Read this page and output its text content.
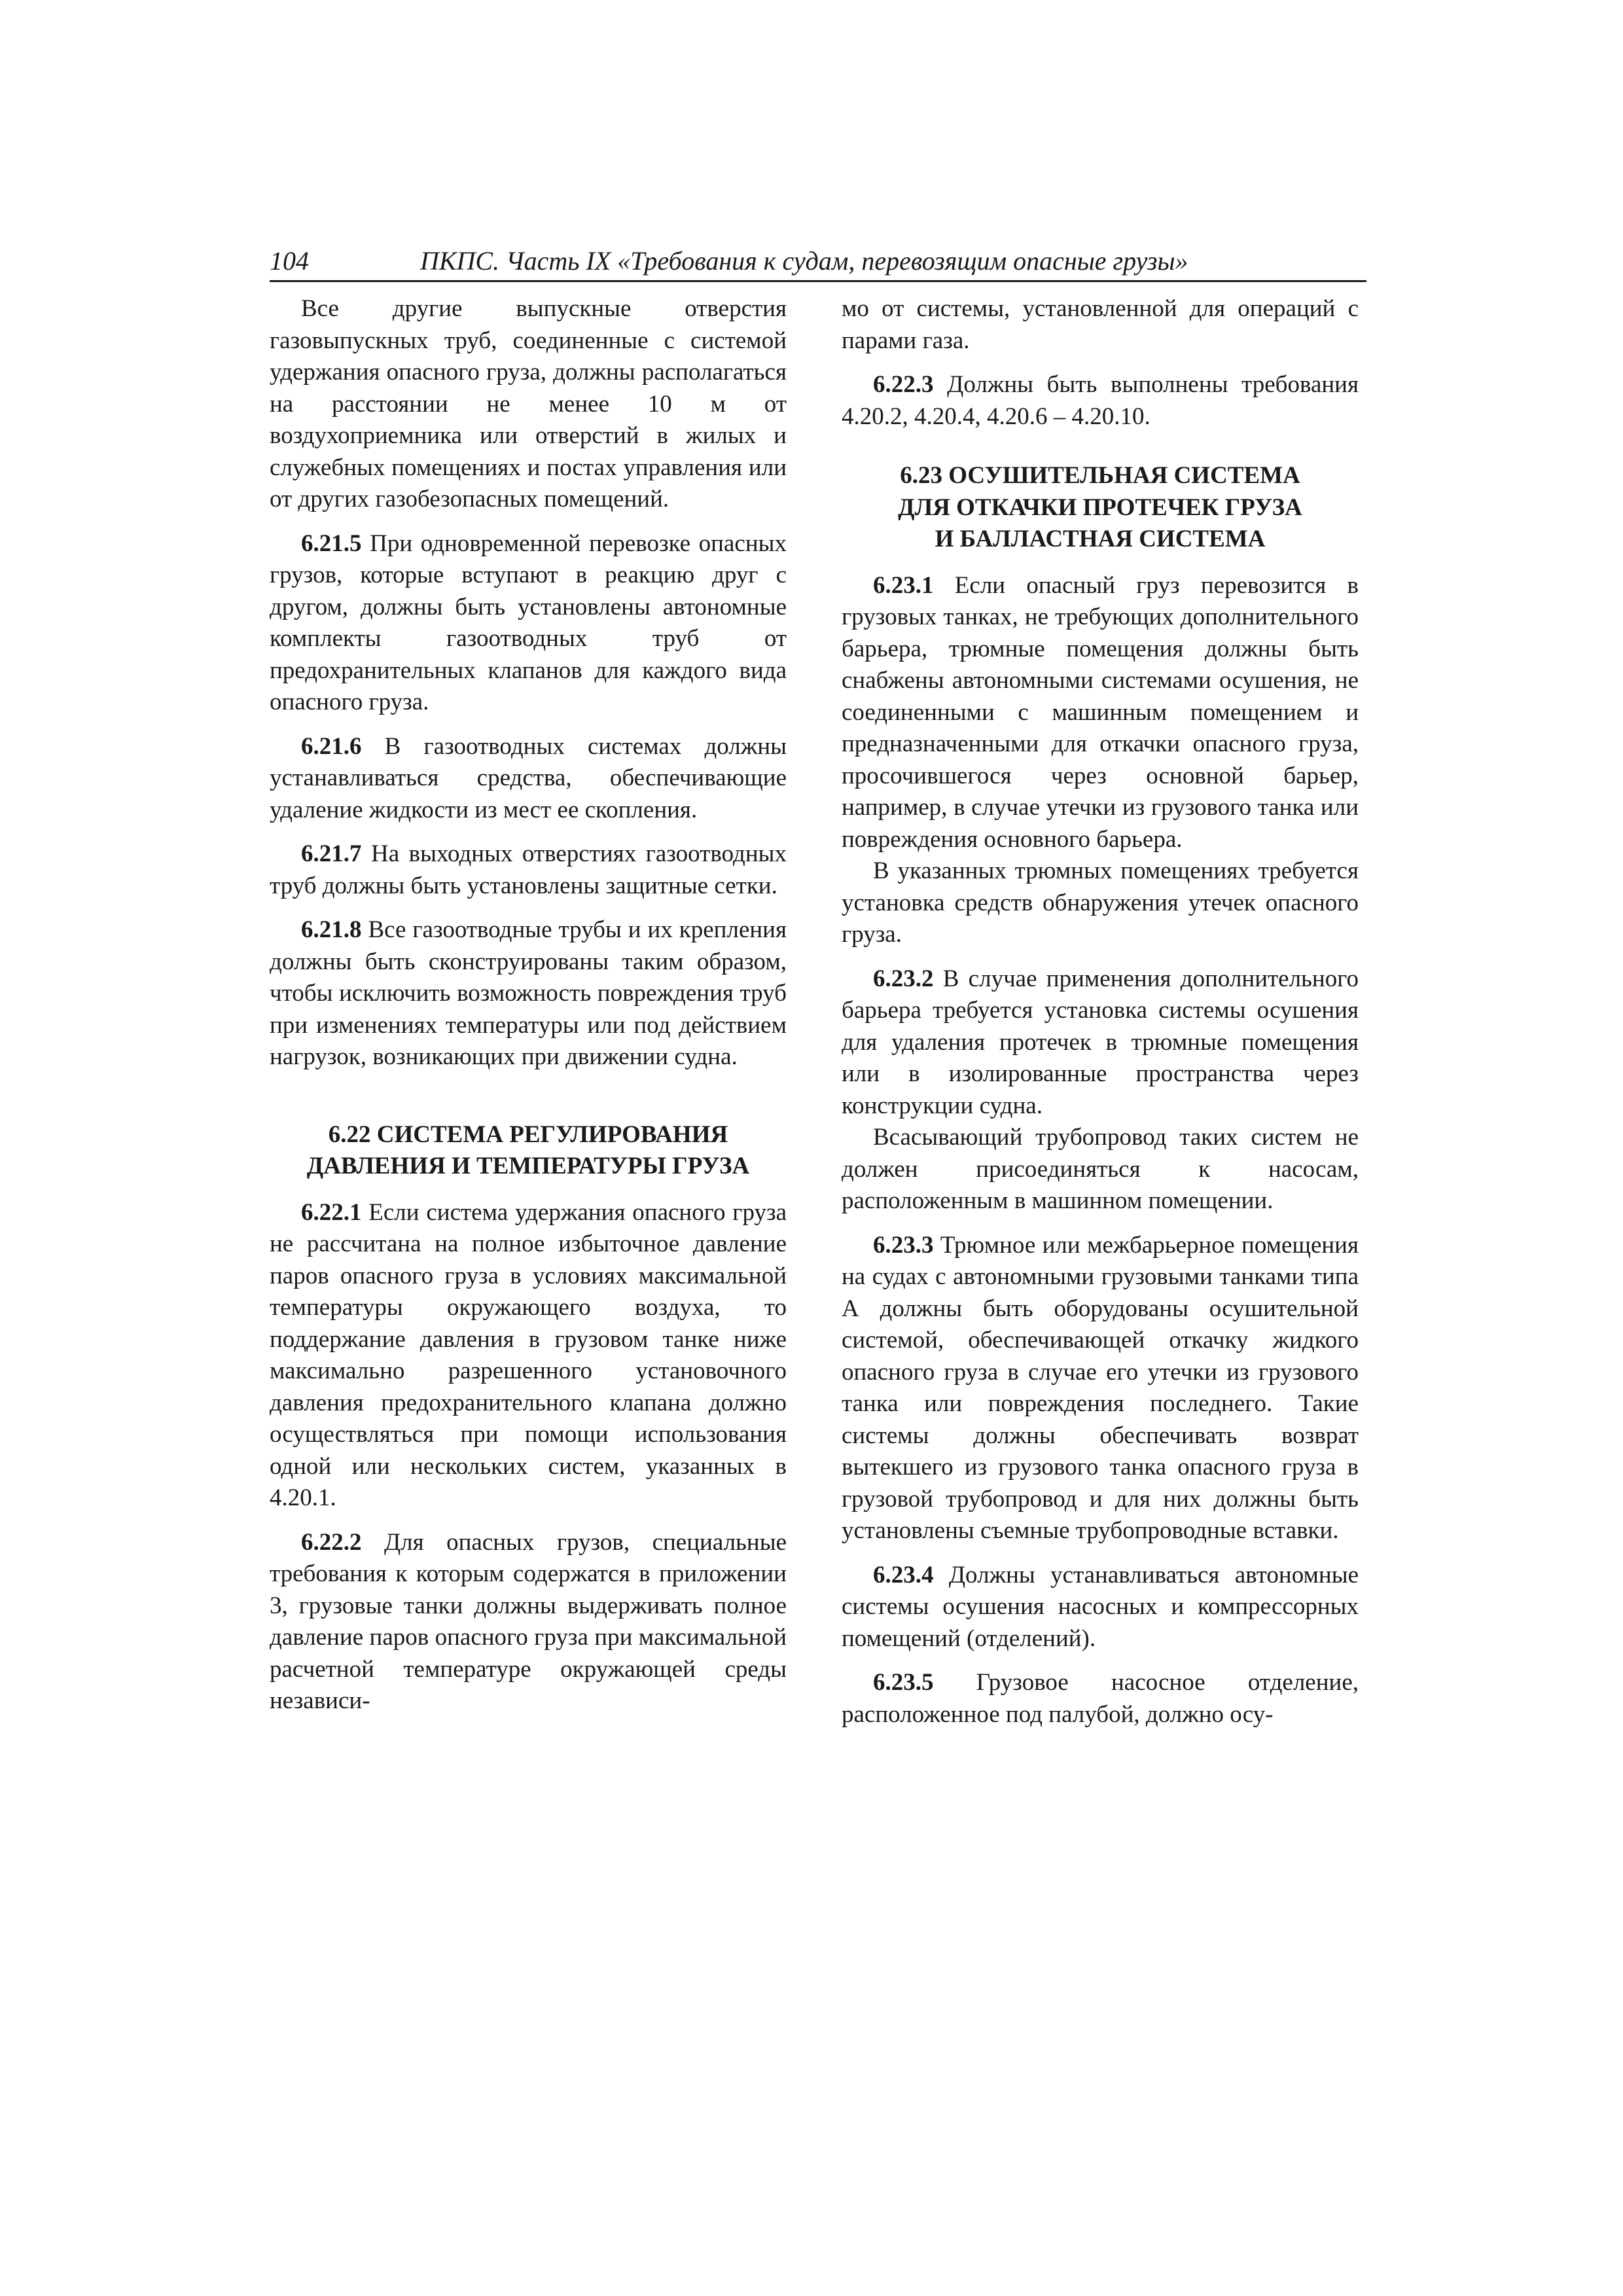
104	ПКПС. Часть IX «Требования к судам, перевозящим опасные грузы»

Все другие выпускные отверстия газовыпускных труб, соединенные с системой удержания опасного груза, должны располагаться на расстоянии не менее 10 м от воздухоприемника или отверстий в жилых и служебных помещениях и постах управления или от других газобезопасных помещений.

6.21.5 При одновременной перевозке опасных грузов, которые вступают в реакцию друг с другом, должны быть установлены автономные комплекты газоотводных труб от предохранительных клапанов для каждого вида опасного груза.

6.21.6 В газоотводных системах должны устанавливаться средства, обеспечивающие удаление жидкости из мест ее скопления.

6.21.7 На выходных отверстиях газоотводных труб должны быть установлены защитные сетки.

6.21.8 Все газоотводные трубы и их крепления должны быть сконструированы таким образом, чтобы исключить возможность повреждения труб при изменениях температуры или под действием нагрузок, возникающих при движении судна.

6.22 СИСТЕМА РЕГУЛИРОВАНИЯ
ДАВЛЕНИЯ И ТЕМПЕРАТУРЫ ГРУЗА

6.22.1 Если система удержания опасного груза не рассчитана на полное избыточное давление паров опасного груза в условиях максимальной температуры окружающего воздуха, то поддержание давления в грузовом танке ниже максимально разрешенного установочного давления предохранительного клапана должно осуществляться при помощи использования одной или нескольких систем, указанных в 4.20.1.

6.22.2 Для опасных грузов, специальные требования к которым содержатся в приложении 3, грузовые танки должны выдерживать полное давление паров опасного груза при максимальной расчетной температуре окружающей среды независи-

мо от системы, установленной для операций с парами газа.

6.22.3 Должны быть выполнены требования 4.20.2, 4.20.4, 4.20.6 – 4.20.10.

6.23 ОСУШИТЕЛЬНАЯ СИСТЕМА
ДЛЯ ОТКАЧКИ ПРОТЕЧЕК ГРУЗА
И БАЛЛАСТНАЯ СИСТЕМА

6.23.1 Если опасный груз перевозится в грузовых танках, не требующих дополнительного барьера, трюмные помещения должны быть снабжены автономными системами осушения, не соединенными с машинным помещением и предназначенными для откачки опасного груза, просочившегося через основной барьер, например, в случае утечки из грузового танка или повреждения основного барьера.

В указанных трюмных помещениях требуется установка средств обнаружения утечек опасного груза.

6.23.2 В случае применения дополнительного барьера требуется установка системы осушения для удаления протечек в трюмные помещения или в изолированные пространства через конструкции судна.

Всасывающий трубопровод таких систем не должен присоединяться к насосам, расположенным в машинном помещении.

6.23.3 Трюмное или межбарьерное помещения на судах с автономными грузовыми танками типа А должны быть оборудованы осушительной системой, обеспечивающей откачку жидкого опасного груза в случае его утечки из грузового танка или повреждения последнего. Такие системы должны обеспечивать возврат вытекшего из грузового танка опасного груза в грузовой трубопровод и для них должны быть установлены съемные трубопроводные вставки.

6.23.4 Должны устанавливаться автономные системы осушения насосных и компрессорных помещений (отделений).

6.23.5 Грузовое насосное отделение, расположенное под палубой, должно осу-
